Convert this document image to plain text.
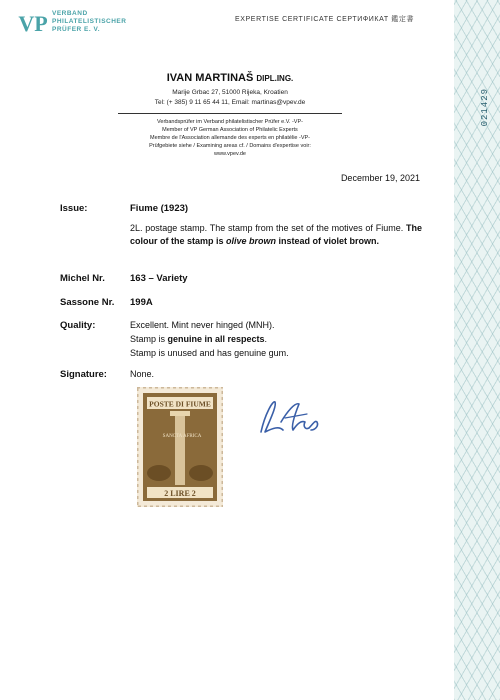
021429
VP VERBAND
PHILATELISTISCHER
PRÜFER E. V.
EXPERTISE CERTIFICATE СЕРТИФИКАТ 鑑定書
IVAN MARTINAŠ DIPL.ING.
Marije Grbac 27, 51000 Rijeka, Kroatien
Tel: (+ 385) 9 11 65 44 11, Email: martinas@vpev.de
Verbandsprüfer im Verband philatelistischer Prüfer e.V. -VP-
Member of VP German Association of Philatelic Experts
Membre de l'Association allemande des experts en philatélie -VP-
Prüfgebiete siehe / Examining areas cf. / Domains d'expertise voir:
www.vpev.de
December 19, 2021
Issue:	Fiume (1923)
2L. postage stamp. The stamp from the set of the motives of Fiume. The colour of the stamp is olive brown instead of violet brown.
Michel Nr.	163 – Variety
Sassone Nr. 199A
Quality:	Excellent. Mint never hinged (MNH).
Stamp is genuine in all respects.
Stamp is unused and has genuine gum.
Signature:	None.
POSTE DI FIUME
SANCTA AFRICA
2 LIRE 2
